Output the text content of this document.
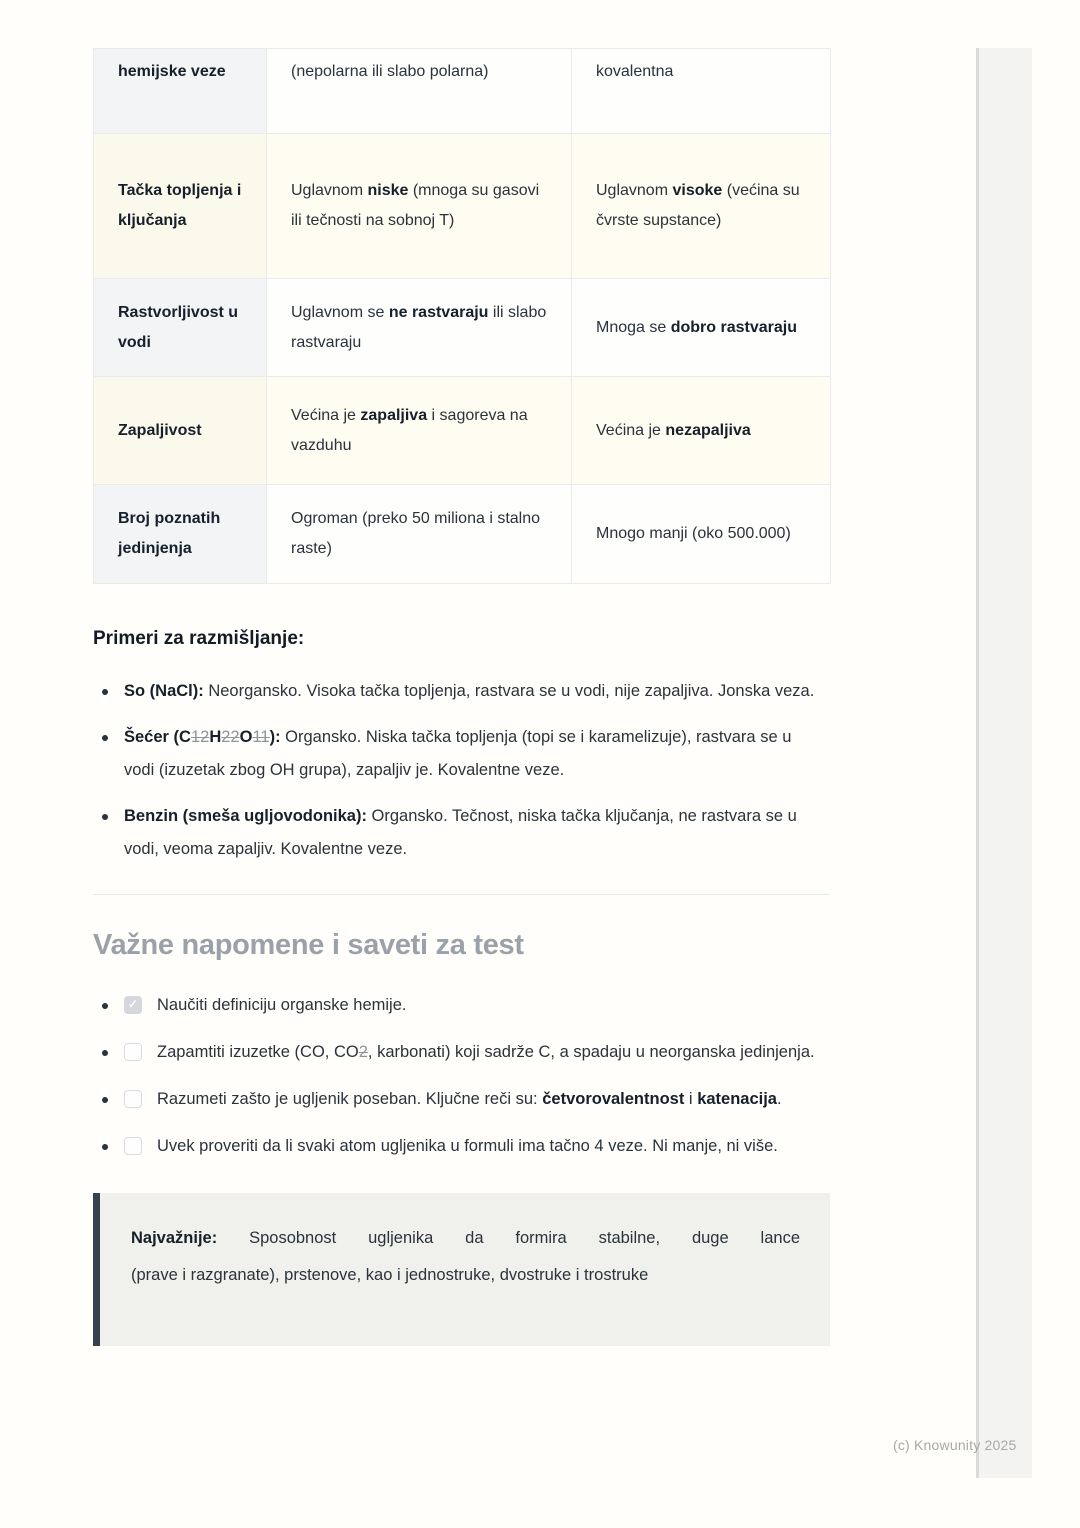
hemijske veze	(nepolarna ili slabo polarna)	kovalentna
Tačka topljenja i ključanja	Uglavnom niske (mnoga su gasovi ili tečnosti na sobnoj T)	Uglavnom visoke (većina su čvrste supstance)
Rastvorljivost u vodi	Uglavnom se ne rastvaraju ili slabo rastvaraju	Mnoga se dobro rastvaraju
Zapaljivost	Većina je zapaljiva i sagoreva na vazduhu	Većina je nezapaljiva
Broj poznatih jedinjenja	Ogroman (preko 50 miliona i stalno raste)	Mnogo manji (oko 500.000)
Primeri za razmišljanje:
So (NaCl): Neorgansko. Visoka tačka topljenja, rastvara se u vodi, nije zapaljiva. Jonska veza.
Šećer (C12H22O11): Organsko. Niska tačka topljenja (topi se i karamelizuje), rastvara se u vodi (izuzetak zbog OH grupa), zapaljiv je. Kovalentne veze.
Benzin (smeša ugljovodonika): Organsko. Tečnost, niska tačka ključanja, ne rastvara se u vodi, veoma zapaljiv. Kovalentne veze.
Važne napomene i saveti za test
✓ Naučiti definiciju organske hemije.
Zapamtiti izuzetke (CO, CO2, karbonati) koji sadrže C, a spadaju u neorganska jedinjenja.
Razumeti zašto je ugljenik poseban. Ključne reči su: četvorovalentnost i katenacija.
Uvek proveriti da li svaki atom ugljenika u formuli ima tačno 4 veze. Ni manje, ni više.

Najvažnije: Sposobnost ugljenika da formira stabilne, duge lance

(prave i razgranate), prstenove, kao i jednostruke, dvostruke i trostruke

(c) Knowunity 2025
